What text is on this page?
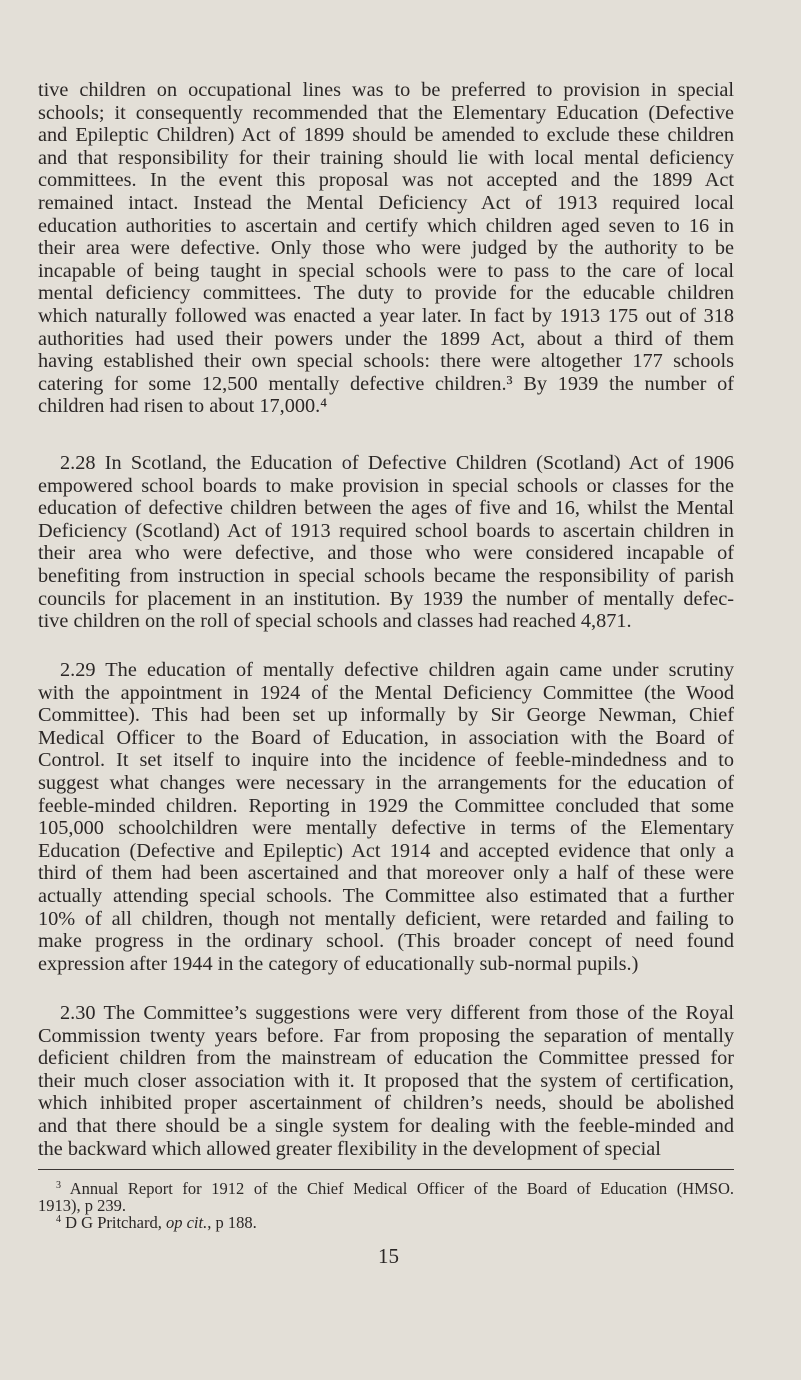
tive children on occupational lines was to be preferred to provision in special
schools; it consequently recommended that the Elementary Education (Defective
and Epileptic Children) Act of 1899 should be amended to exclude these children
and that responsibility for their training should lie with local mental deficiency
committees. In the event this proposal was not accepted and the 1899 Act
remained intact. Instead the Mental Deficiency Act of 1913 required local
education authorities to ascertain and certify which children aged seven to 16 in
their area were defective. Only those who were judged by the authority to be
incapable of being taught in special schools were to pass to the care of local
mental deficiency committees. The duty to provide for the educable children
which naturally followed was enacted a year later. In fact by 1913 175 out of 318
authorities had used their powers under the 1899 Act, about a third of them
having established their own special schools: there were altogether 177 schools
catering for some 12,500 mentally defective children.³ By 1939 the number of
children had risen to about 17,000.⁴
2.28 In Scotland, the Education of Defective Children (Scotland) Act of 1906
empowered school boards to make provision in special schools or classes for the
education of defective children between the ages of five and 16, whilst the Mental
Deficiency (Scotland) Act of 1913 required school boards to ascertain children in
their area who were defective, and those who were considered incapable of
benefiting from instruction in special schools became the responsibility of parish
councils for placement in an institution. By 1939 the number of mentally defec-
tive children on the roll of special schools and classes had reached 4,871.
2.29 The education of mentally defective children again came under scrutiny
with the appointment in 1924 of the Mental Deficiency Committee (the Wood
Committee). This had been set up informally by Sir George Newman, Chief
Medical Officer to the Board of Education, in association with the Board of
Control. It set itself to inquire into the incidence of feeble-mindedness and to
suggest what changes were necessary in the arrangements for the education of
feeble-minded children. Reporting in 1929 the Committee concluded that some
105,000 schoolchildren were mentally defective in terms of the Elementary
Education (Defective and Epileptic) Act 1914 and accepted evidence that only a
third of them had been ascertained and that moreover only a half of these were
actually attending special schools. The Committee also estimated that a further
10% of all children, though not mentally deficient, were retarded and failing to
make progress in the ordinary school. (This broader concept of need found
expression after 1944 in the category of educationally sub-normal pupils.)
2.30 The Committee’s suggestions were very different from those of the Royal
Commission twenty years before. Far from proposing the separation of mentally
deficient children from the mainstream of education the Committee pressed for
their much closer association with it. It proposed that the system of certification,
which inhibited proper ascertainment of children’s needs, should be abolished
and that there should be a single system for dealing with the feeble-minded and
the backward which allowed greater flexibility in the development of special
$^3$ Annual Report for 1912 of the Chief Medical Officer of the Board of Education (HMSO.
1913), p 239.
$^4$ D G Pritchard, op cit., p 188.
15
